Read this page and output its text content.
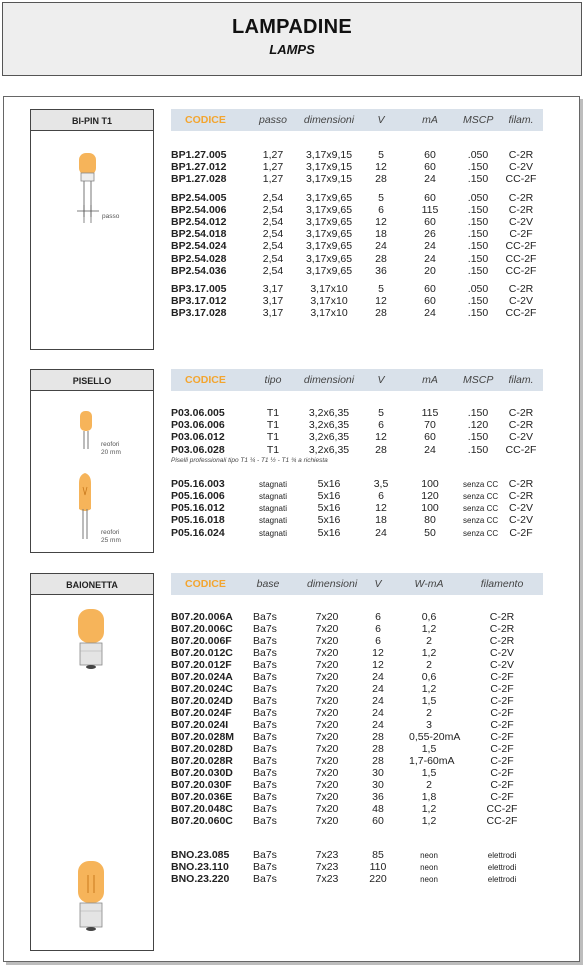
LAMPADINE
LAMPS
BI-PIN T1
passo
CODICE	passo	dimensioni	V	mA	MSCP	filam.
BP1.27.005	1,27	3,17x9,15	5	60	.050	C-2R
BP1.27.012	1,27	3,17x9,15	12	60	.150	C-2V
BP1.27.028	1,27	3,17x9,15	28	24	.150	CC-2F
BP2.54.005	2,54	3,17x9,65	5	60	.050	C-2R
BP2.54.006	2,54	3,17x9,65	6	115	.150	C-2R
BP2.54.012	2,54	3,17x9,65	12	60	.150	C-2V
BP2.54.018	2,54	3,17x9,65	18	26	.150	C-2F
BP2.54.024	2,54	3,17x9,65	24	24	.150	CC-2F
BP2.54.028	2,54	3,17x9,65	28	24	.150	CC-2F
BP2.54.036	2,54	3,17x9,65	36	20	.150	CC-2F
BP3.17.005	3,17	3,17x10	5	60	.050	C-2R
BP3.17.012	3,17	3,17x10	12	60	.150	C-2V
BP3.17.028	3,17	3,17x10	28	24	.150	CC-2F
PISELLO
reofori
20 mm
reofori
25 mm
CODICE	tipo	dimensioni	V	mA	MSCP	filam.
P03.06.005	T1	3,2x6,35	5	115	.150	C-2R
P03.06.006	T1	3,2x6,35	6	70	.120	C-2R
P03.06.012	T1	3,2x6,35	12	60	.150	C-2V
P03.06.028	T1	3,2x6,35	28	24	.150	CC-2F
Piselli professionali tipo T1 ¼ - T1 ½ - T1 ¾ a richiesta
P05.16.003	stagnati	5x16	3,5	100	senza CC	C-2R
P05.16.006	stagnati	5x16	6	120	senza CC	C-2R
P05.16.012	stagnati	5x16	12	100	senza CC	C-2V
P05.16.018	stagnati	5x16	18	80	senza CC	C-2V
P05.16.024	stagnati	5x16	24	50	senza CC	C-2F
BAIONETTA	CODICE	base	dimensioni	V	W-mA	filamento
B07.20.006A Ba7s	7x20	6	0,6	C-2R
B07.20.006C Ba7s	7x20	6	1,2	C-2R
B07.20.006F Ba7s	7x20	6	2	C-2R
B07.20.012C Ba7s	7x20	12	1,2	C-2V
B07.20.012F Ba7s	7x20	12	2	C-2V
B07.20.024A Ba7s	7x20	24	0,6	C-2F
B07.20.024C Ba7s	7x20	24	1,2	C-2F
B07.20.024D Ba7s	7x20	24	1,5	C-2F
B07.20.024F Ba7s	7x20	24	2	C-2F
B07.20.024I Ba7s	7x20	24	3	C-2F
B07.20.028M Ba7s	7x20	28	0,55-20mA	C-2F
B07.20.028D Ba7s	7x20	28	1,5	C-2F
B07.20.028R Ba7s	7x20	28	1,7-60mA	C-2F
B07.20.030D Ba7s	7x20	30	1,5	C-2F
B07.20.030F Ba7s	7x20	30	2	C-2F
B07.20.036E Ba7s	7x20	36	1,8	C-2F
B07.20.048C Ba7s	7x20	48	1,2	CC-2F
B07.20.060C Ba7s	7x20	60	1,2	CC-2F
BNO.23.085 Ba7s	7x23	85	neon	elettrodi
BNO.23.110 Ba7s	7x23	110	neon	elettrodi
BNO.23.220 Ba7s	7x23	220	neon	elettrodi
